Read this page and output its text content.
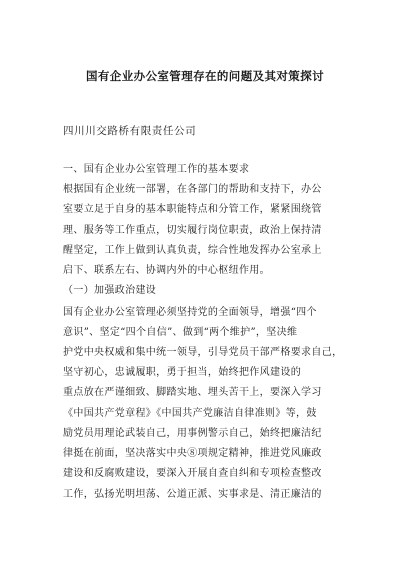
国有企业办公室管理存在的问题及其对策探讨

四川川交路桥有限责任公司

一、国有企业办公室管理工作的基本要求

根据国有企业统一部署，在各部门的帮助和支持下，办公

室要立足于自身的基本职能特点和分管工作，紧紧围绕管

理、服务等工作重点，切实履行岗位职责，政治上保持清

醒坚定，工作上做到认真负责，综合性地发挥办公室承上

启下、联系左右、协调内外的中心枢纽作用。

（一）加强政治建设

国有企业办公室管理必须坚持党的全面领导，增强“四个

意识”、坚定“四个自信”、做到“两个维护”，坚决维

护党中央权威和集中统一领导，引导党员干部严格要求自己，

坚守初心，忠诚履职，勇于担当，始终把作风建设的

重点放在严谨细致、脚踏实地、埋头苦干上，要深入学习

《中国共产党章程》《中国共产党廉洁自律准则》等，鼓

励党员用理论武装自己，用事例警示自己，始终把廉洁纪

律挺在前面，坚决落实中央⑧项规定精神，推进党风廉政

建设和反腐败建设，要深入开展自查自纠和专项检查整改

工作，弘扬光明坦荡、公道正派、实事求是、清正廉洁的
